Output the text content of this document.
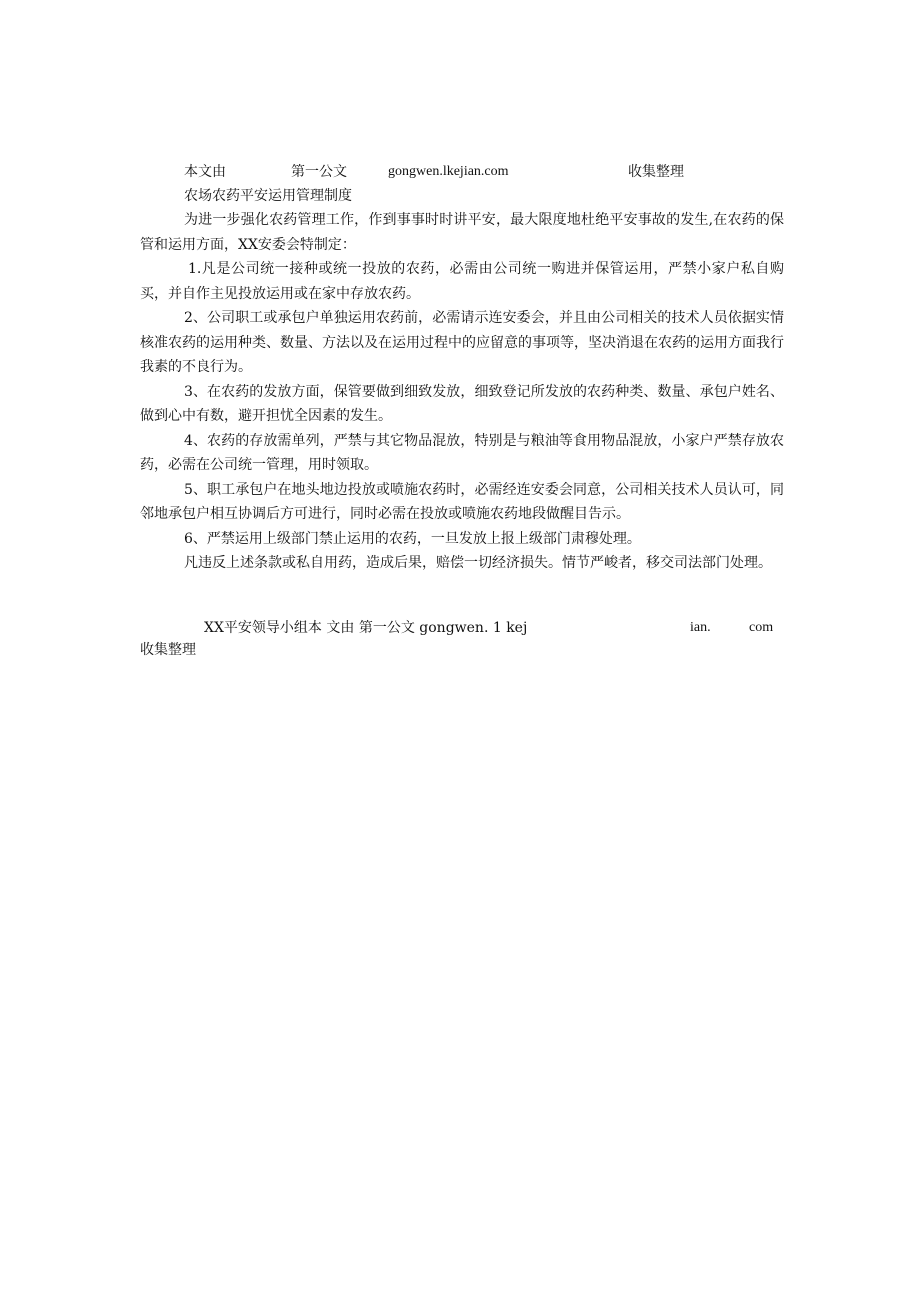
本文由	第一公文	gongwen.lkejian.com	收集整理
农场农药平安运用管理制度

为进一步强化农药管理工作，作到事事时时讲平安，最大限度地杜绝平安事故的发生,在农药的保管和运用方面，XX安委会特制定：

1.凡是公司统一接种或统一投放的农药，必需由公司统一购进并保管运用，严禁小家户私自购买，并自作主见投放运用或在家中存放农药。

2、公司职工或承包户单独运用农药前，必需请示连安委会，并且由公司相关的技术人员依据实情核准农药的运用种类、数量、方法以及在运用过程中的应留意的事项等，坚决消退在农药的运用方面我行我素的不良行为。

3、在农药的发放方面，保管要做到细致发放，细致登记所发放的农药种类、数量、承包户姓名、做到心中有数，避开担忧全因素的发生。

4、农药的存放需单列，严禁与其它物品混放，特别是与粮油等食用物品混放，小家户严禁存放农药，必需在公司统一管理，用时领取。

5、职工承包户在地头地边投放或喷施农药时，必需经连安委会同意，公司相关技术人员认可，同邻地承包户相互协调后方可进行，同时必需在投放或喷施农药地段做醒目告示。

6、严禁运用上级部门禁止运用的农药，一旦发放上报上级部门肃穆处理。

凡违反上述条款或私自用药，造成后果，赔偿一切经济损失。情节严峻者，移交司法部门处理。

XX平安领导小组本 文由 第一公文 gongwen. 1 kej	ian.	com
收集整理
